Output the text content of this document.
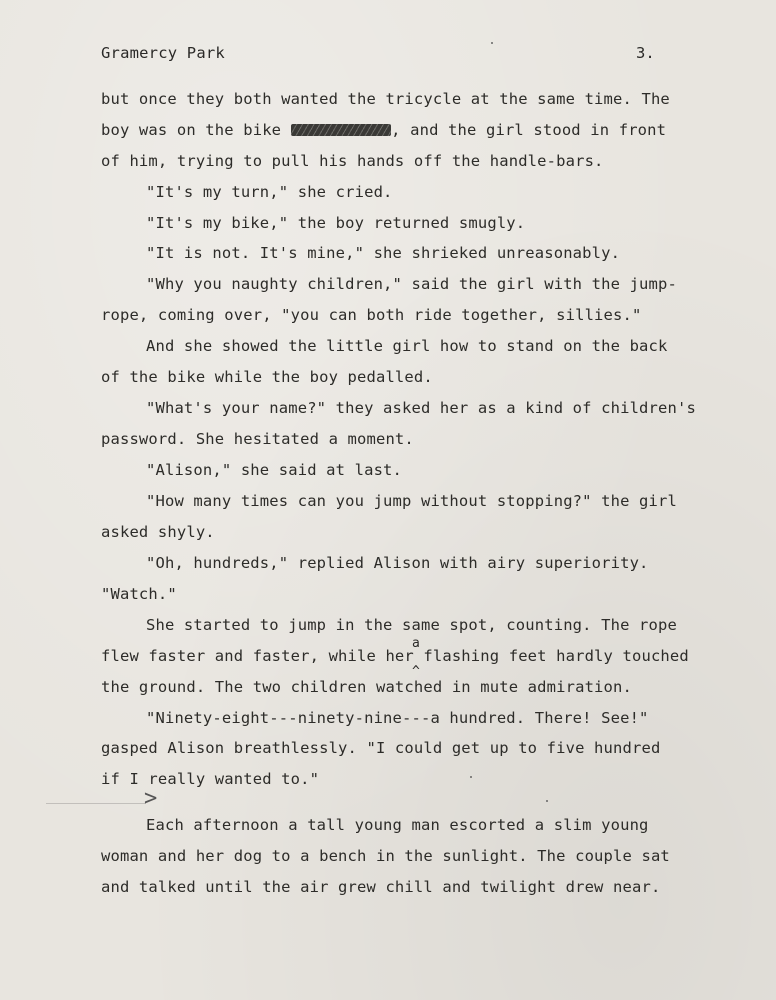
Gramercy Park	3.
but once they both wanted the tricycle at the same time. The
boy was on the bike	, and the girl stood in front
of him, trying to pull his hands off the handle-bars.
"It's my turn," she cried.
"It's my bike," the boy returned smugly.
"It is not. It's mine," she shrieked unreasonably.
"Why you naughty children," said the girl with the jump-
rope, coming over, "you can both ride together, sillies."
And she showed the little girl how to stand on the back
of the bike while the boy pedalled.
"What's your name?" they asked her as a kind of children's
password. She hesitated a moment.
"Alison," she said at last.
"How many times can you jump without stopping?" the girl
asked shyly.
"Oh, hundreds," replied Alison with airy superiority.
"Watch."
She started to jump in the same spot, counting. The rope
flew faster and faster, while her flashing feet hardly touched
the ground. The two children watched in mute admiration.
"Ninety-eight---ninety-nine---a hundred. There! See!"
gasped Alison breathlessly. "I could get up to five hundred
if I really wanted to."
>
Each afternoon a tall young man escorted a slim young
woman and her dog to a bench in the sunlight. The couple sat
and talked until the air grew chill and twilight drew near.
a
^
